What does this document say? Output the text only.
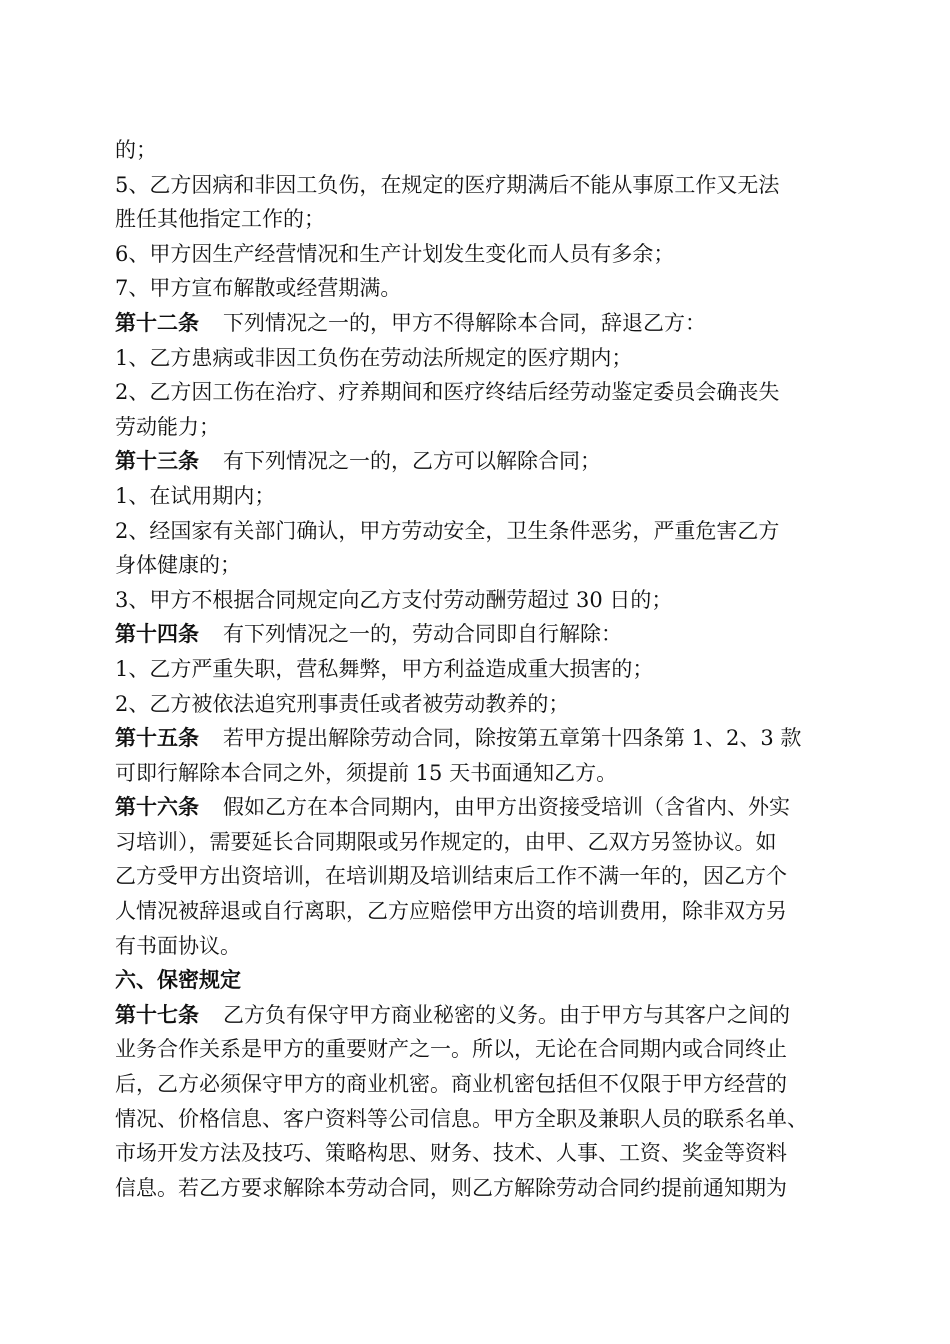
的；
5、乙方因病和非因工负伤，在规定的医疗期满后不能从事原工作又无法
胜任其他指定工作的；
6、甲方因生产经营情况和生产计划发生变化而人员有多余；
7、甲方宣布解散或经营期满。
第十二条 下列情况之一的，甲方不得解除本合同，辞退乙方：
1、乙方患病或非因工负伤在劳动法所规定的医疗期内；
2、乙方因工伤在治疗、疗养期间和医疗终结后经劳动鉴定委员会确丧失
劳动能力；
第十三条 有下列情况之一的，乙方可以解除合同；
1、在试用期内；
2、经国家有关部门确认，甲方劳动安全，卫生条件恶劣，严重危害乙方
身体健康的；
3、甲方不根据合同规定向乙方支付劳动酬劳超过 30 日的；
第十四条 有下列情况之一的，劳动合同即自行解除：
1、乙方严重失职，营私舞弊，甲方利益造成重大损害的；
2、乙方被依法追究刑事责任或者被劳动教养的；
第十五条 若甲方提出解除劳动合同，除按第五章第十四条第 1、2、3 款
可即行解除本合同之外，须提前 15 天书面通知乙方。
第十六条 假如乙方在本合同期内，由甲方出资接受培训（含省内、外实
习培训），需要延长合同期限或另作规定的，由甲、乙双方另签协议。如
乙方受甲方出资培训，在培训期及培训结束后工作不满一年的，因乙方个
人情况被辞退或自行离职，乙方应赔偿甲方出资的培训费用，除非双方另
有书面协议。
六、保密规定
第十七条 乙方负有保守甲方商业秘密的义务。由于甲方与其客户之间的
业务合作关系是甲方的重要财产之一。所以，无论在合同期内或合同终止
后，乙方必须保守甲方的商业机密。商业机密包括但不仅限于甲方经营的
情况、价格信息、客户资料等公司信息。甲方全职及兼职人员的联系名单、
市场开发方法及技巧、策略构思、财务、技术、人事、工资、奖金等资料
信息。若乙方要求解除本劳动合同，则乙方解除劳动合同约提前通知期为
